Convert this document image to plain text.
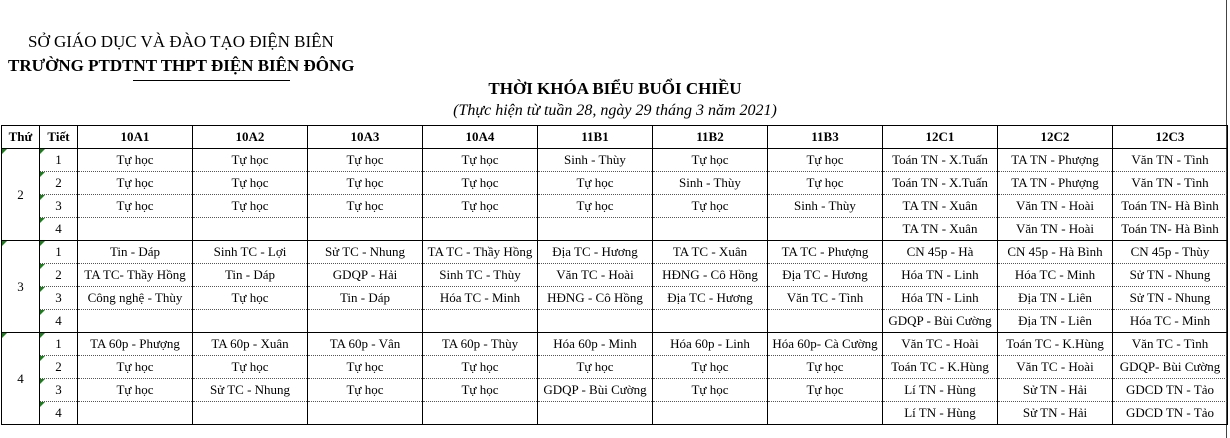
SỞ GIÁO DỤC VÀ ĐÀO TẠO ĐIỆN BIÊN
TRƯỜNG PTDTNT THPT ĐIỆN BIÊN ĐÔNG
THỜI KHÓA BIỂU BUỔI CHIỀU
(Thực hiện từ tuần 28, ngày 29 tháng 3 năm 2021)
Thứ	Tiết	10A1	10A2	10A3	10A4	11B1	11B2	11B3	12C1	12C2	12C3

2	1	Tự học	Tự học	Tự học	Tự học	Sinh - Thùy	Tự học	Tự học	Toán TN - X.Tuấn	TA TN - Phượng	Văn TN - Tình

2	Tự học	Tự học	Tự học	Tự học	Tự học	Sinh - Thùy	Tự học	Toán TN - X.Tuấn	TA TN - Phượng	Văn TN - Tình

3	Tự học	Tự học	Tự học	Tự học	Tự học	Tự học	Sinh - Thùy	TA TN - Xuân	Văn TN - Hoài	Toán TN- Hà Bình

4								TA TN - Xuân	Văn TN - Hoài	Toán TN- Hà Bình

3	1	Tin - Dáp	Sinh TC - Lợi	Sử TC - Nhung	TA TC - Thầy Hồng	Địa TC - Hương	TA TC - Xuân	TA TC - Phượng	CN 45p - Hà	CN 45p - Hà Bình	CN 45p - Thùy

2	TA TC- Thầy Hồng	Tin - Dáp	GDQP - Hải	Sinh TC - Thùy	Văn TC - Hoài	HĐNG - Cô Hồng	Địa TC - Hương	Hóa TN - Linh	Hóa TC - Minh	Sử TN - Nhung

3	Công nghệ - Thùy	Tự học	Tin - Dáp	Hóa TC - Minh	HĐNG - Cô Hồng	Địa TC - Hương	Văn TC - Tình	Hóa TN - Linh	Địa TN - Liên	Sử TN - Nhung

4								GDQP - Bùi Cường	Địa TN - Liên	Hóa TC - Minh

4	1	TA 60p - Phượng	TA 60p - Xuân	TA 60p - Vân	TA 60p - Thùy	Hóa 60p - Minh	Hóa 60p - Linh	Hóa 60p- Cà Cường	Văn TC - Hoài	Toán TC - K.Hùng	Văn TC - Tình

2	Tự học	Tự học	Tự học	Tự học	Tự học	Tự học	Tự học	Toán TC - K.Hùng	Văn TC - Hoài	GDQP- Bùi Cường

3	Tự học	Sử TC - Nhung	Tự học	Tự học	GDQP - Bùi Cường	Tự học	Tự học	Lí TN - Hùng	Sử TN - Hải	GDCD TN - Tảo

4								Lí TN - Hùng	Sử TN - Hải	GDCD TN - Tảo
